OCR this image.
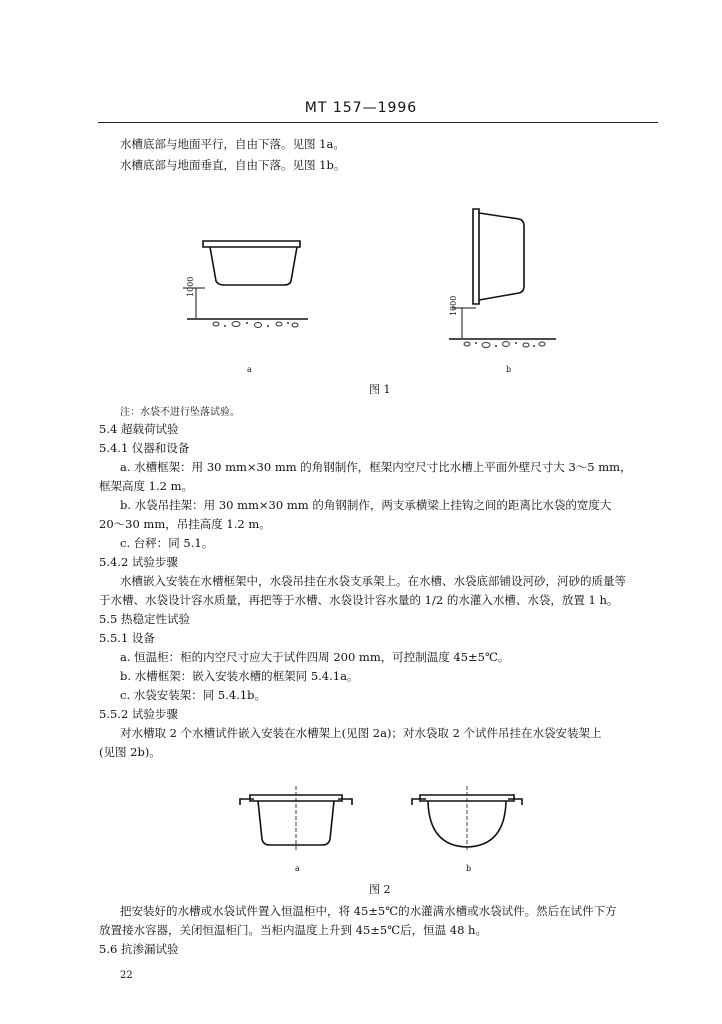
MT 157—1996
水槽底部与地面平行，自由下落。见图 1a。
水槽底部与地面垂直，自由下落。见图 1b。
1000
1000
a	b
图 1
注：水袋不进行坠落试验。
5.4 超载荷试验
5.4.1 仪器和设备
a. 水槽框架：用 30 mm×30 mm 的角钢制作，框架内空尺寸比水槽上平面外壁尺寸大 3～5 mm，
框架高度 1.2 m。
b. 水袋吊挂架：用 30 mm×30 mm 的角钢制作，两支承横梁上挂钩之间的距离比水袋的宽度大
20～30 mm，吊挂高度 1.2 m。
c. 台秤：同 5.1。
5.4.2 试验步骤
水槽嵌入安装在水槽框架中，水袋吊挂在水袋支承架上。在水槽、水袋底部铺设河砂，河砂的质量等
于水槽、水袋设计容水质量，再把等于水槽、水袋设计容水量的 1/2 的水灌入水槽、水袋，放置 1 h。
5.5 热稳定性试验
5.5.1 设备
a. 恒温柜：柜的内空尺寸应大于试件四周 200 mm，可控制温度 45±5℃。
b. 水槽框架：嵌入安装水槽的框架同 5.4.1a。
c. 水袋安装架：同 5.4.1b。
5.5.2 试验步骤
对水槽取 2 个水槽试件嵌入安装在水槽架上(见图 2a)；对水袋取 2 个试件吊挂在水袋安装架上
(见图 2b)。
a	b
图 2
把安装好的水槽或水袋试件置入恒温柜中，将 45±5℃的水灌满水槽或水袋试件。然后在试件下方
放置接水容器，关闭恒温柜门。当柜内温度上升到 45±5℃后，恒温 48 h。
5.6 抗渗漏试验
22
